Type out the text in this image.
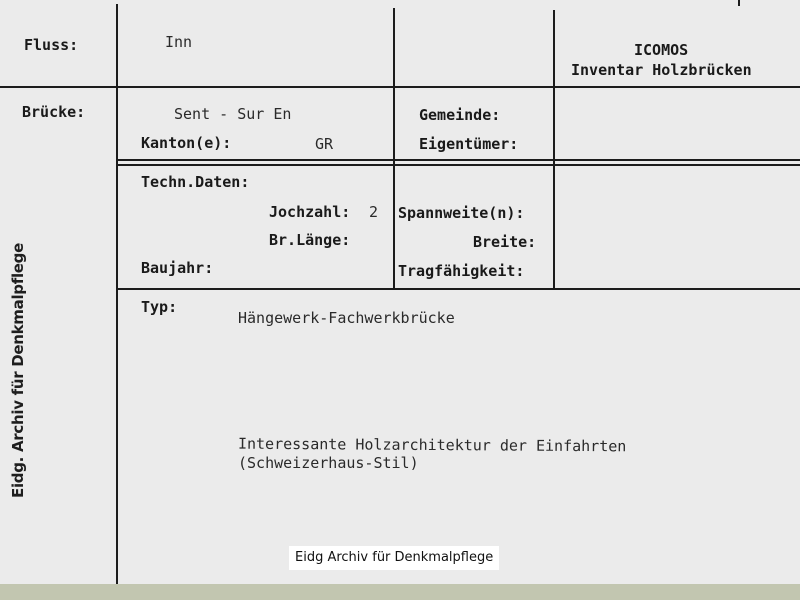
Fluss:	Inn	ICOMOS
Inventar Holzbrücken
Brücke:	Sent - Sur En
Kanton(e):	GR
Gemeinde:
Eigentümer:
Techn.Daten:
Jochzahl: 2
Br.Länge:
Baujahr:
Spannweite(n):
Breite:
Tragfähigkeit:
Typ:
Hängewerk-Fachwerkbrücke
Interessante Holzarchitektur der Einfahrten
(Schweizerhaus-Stil)
Eidg. Archiv für Denkmalpflege
Eidg Archiv für Denkmalpflege
